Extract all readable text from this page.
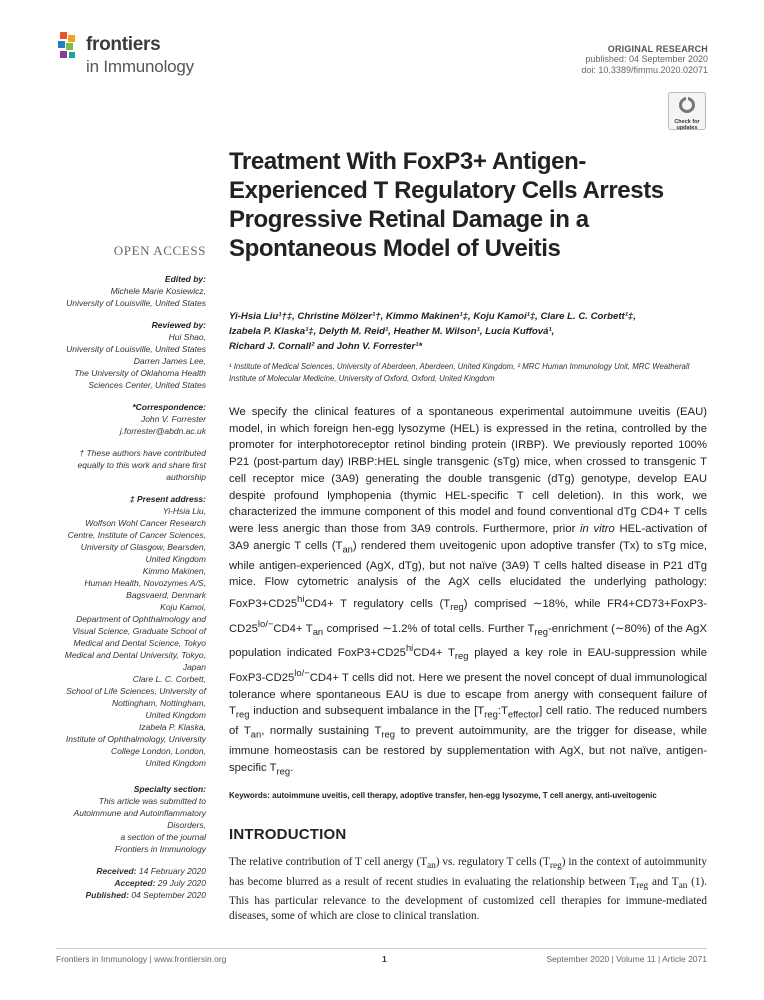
frontiers
in Immunology
ORIGINAL RESEARCH
published: 04 September 2020
doi: 10.3389/fimmu.2020.02071
Check for
updates
OPEN ACCESS
Edited by:
Michele Marie Kosiewicz,
University of Louisville, United States
Reviewed by:
Hui Shao,
University of Louisville, United States
Darren James Lee,
The University of Oklahoma Health
Sciences Center, United States
*Correspondence:
John V. Forrester
j.forrester@abdn.ac.uk
† These authors have contributed
equally to this work and share first
authorship
‡ Present address:
Yi-Hsia Liu,
Wolfson Wohl Cancer Research
Centre, Institute of Cancer Sciences,
University of Glasgow, Bearsden,
United Kingdom
Kimmo Makinen,
Human Health, Novozymes A/S,
Bagsvaerd, Denmark
Koju Kamoi,
Department of Ophthalmology and
Visual Science, Graduate School of
Medical and Dental Science, Tokyo
Medical and Dental University, Tokyo,
Japan
Clare L. C. Corbett,
School of Life Sciences, University of
Nottingham, Nottingham,
United Kingdom
Izabela P. Klaska,
Institute of Ophthalmology, University
College London, London,
United Kingdom
Specialty section:
This article was submitted to
Autoimmune and Autoinflammatory
Disorders,
a section of the journal
Frontiers in Immunology
Received: 14 February 2020
Accepted: 29 July 2020
Published: 04 September 2020
Treatment With FoxP3+ Antigen-Experienced T Regulatory Cells Arrests Progressive Retinal Damage in a Spontaneous Model of Uveitis
Yi-Hsia Liu¹†‡, Christine Mölzer¹†, Kimmo Makinen¹‡, Koju Kamoi¹‡, Clare L. C. Corbett¹‡,
Izabela P. Klaska¹‡, Delyth M. Reid¹, Heather M. Wilson¹, Lucia Kuffová¹,
Richard J. Cornall² and John V. Forrester¹*
¹ Institute of Medical Sciences, University of Aberdeen, Aberdeen, United Kingdom, ² MRC Human Immunology Unit, MRC Weatherall Institute of Molecular Medicine, University of Oxford, Oxford, United Kingdom
We specify the clinical features of a spontaneous experimental autoimmune uveitis (EAU) model, in which foreign hen-egg lysozyme (HEL) is expressed in the retina, controlled by the promoter for interphotoreceptor retinol binding protein (IRBP). We previously reported 100% P21 (post-partum day) IRBP:HEL single transgenic (sTg) mice, when crossed to transgenic T cell receptor mice (3A9) generating the double transgenic (dTg) genotype, develop EAU despite profound lymphopenia (thymic HEL-specific T cell deletion). In this work, we characterized the immune component of this model and found conventional dTg CD4+ T cells were less anergic than those from 3A9 controls. Furthermore, prior in vitro HEL-activation of 3A9 anergic T cells $(T_{an})$ rendered them uveitogenic upon adoptive transfer (Tx) to sTg mice, while antigen-experienced (AgX, dTg), but not naïve (3A9) T cells halted disease in P21 dTg mice. Flow cytometric analysis of the AgX cells elucidated the underlying pathology: $FoxP3+CD25^{hi}CD4+ T$ regulatory cells $(T_{reg})$ comprised ∼18%, while $FR4+CD73+FoxP3-CD25^{lo/-}CD4+ T_{an}$ comprised ∼1.2% of total cells. Further $T_{reg}$-enrichment (∼80%) of the AgX population indicated $FoxP3+CD25^{hi}CD4+ T_{reg}$ played a key role in EAU-suppression while $FoxP3-CD25^{lo/-}CD4+ T$ cells did not. Here we present the novel concept of dual immunological tolerance where spontaneous EAU is due to escape from anergy with consequent failure of $T_{reg}$ induction and subsequent imbalance in the $[T_{reg}:T_{effector}]$ cell ratio. The reduced numbers of $T_{an}$, normally sustaining $T_{reg}$ to prevent autoimmunity, are the trigger for disease, while immune homeostasis can be restored by supplementation with AgX, but not naïve, antigen-specific $T_{reg}$.
Keywords: autoimmune uveitis, cell therapy, adoptive transfer, hen-egg lysozyme, T cell anergy, anti-uveitogenic
INTRODUCTION
The relative contribution of T cell anergy $(T_{an})$ vs. regulatory T cells $(T_{reg})$ in the context of autoimmunity has become blurred as a result of recent studies in evaluating the relationship between $T_{reg}$ and $T_{an}$ (1). This has particular relevance to the development of customized cell therapies for immune-mediated diseases, some of which are close to clinical translation.
Frontiers in Immunology | www.frontiersin.org	1	September 2020 | Volume 11 | Article 2071
